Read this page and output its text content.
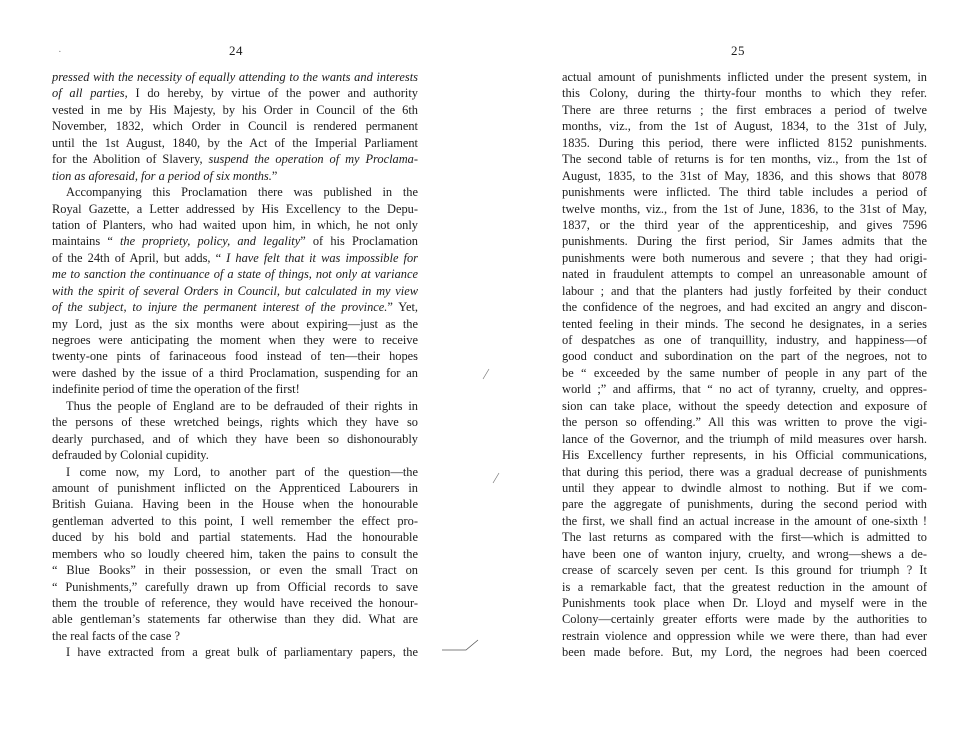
·	24

pressed with the necessity of equally attending to the wants and interests
of all parties, I do hereby, by virtue of the power and authority
vested in me by His Majesty, by his Order in Council of the 6th
November, 1832, which Order in Council is rendered permanent
until the 1st August, 1840, by the Act of the Imperial Parliament
for the Abolition of Slavery, suspend the operation of my Proclama-
tion as aforesaid, for a period of six months.”
Accompanying this Proclamation there was published in the
Royal Gazette, a Letter addressed by His Excellency to the Depu-
tation of Planters, who had waited upon him, in which, he not only
maintains “ the propriety, policy, and legality” of his Proclamation
of the 24th of April, but adds, “ I have felt that it was impossible for
me to sanction the continuance of a state of things, not only at variance
with the spirit of several Orders in Council, but calculated in my view
of the subject, to injure the permanent interest of the province.” Yet,
my Lord, just as the six months were about expiring—just as the
negroes were anticipating the moment when they were to receive
twenty-one pints of farinaceous food instead of ten—their hopes
were dashed by the issue of a third Proclamation, suspending for an
indefinite period of time the operation of the first!
Thus the people of England are to be defrauded of their rights in
the persons of these wretched beings, rights which they have so
dearly purchased, and of which they have been so dishonourably
defrauded by Colonial cupidity.
I come now, my Lord, to another part of the question—the
amount of punishment inflicted on the Apprenticed Labourers in
British Guiana. Having been in the House when the honourable
gentleman adverted to this point, I well remember the effect pro-
duced by his bold and partial statements. Had the honourable
members who so loudly cheered him, taken the pains to consult the
“ Blue Books” in their possession, or even the small Tract on
“ Punishments,” carefully drawn up from Official records to save
them the trouble of reference, they would have received the honour-
able gentleman’s statements far otherwise than they did. What are
the real facts of the case ?
I have extracted from a great bulk of parliamentary papers, the

25

actual amount of punishments inflicted under the present system, in
this Colony, during the thirty-four months to which they refer.
There are three returns ; the first embraces a period of twelve
months, viz., from the 1st of August, 1834, to the 31st of July,
1835. During this period, there were inflicted 8152 punishments.
The second table of returns is for ten months, viz., from the 1st of
August, 1835, to the 31st of May, 1836, and this shows that 8078
punishments were inflicted. The third table includes a period of
twelve months, viz., from the 1st of June, 1836, to the 31st of May,
1837, or the third year of the apprenticeship, and gives 7596
punishments. During the first period, Sir James admits that the
punishments were both numerous and severe ; that they had origi-
nated in fraudulent attempts to compel an unreasonable amount of
labour ; and that the planters had justly forfeited by their conduct
the confidence of the negroes, and had excited an angry and discon-
tented feeling in their minds. The second he designates, in a series
of despatches as one of tranquillity, industry, and happiness—of
good conduct and subordination on the part of the negroes, not to
be “ exceeded by the same number of people in any part of the
world ;” and affirms, that “ no act of tyranny, cruelty, and oppres-
sion can take place, without the speedy detection and exposure of
the person so offending.” All this was written to prove the vigi-
lance of the Governor, and the triumph of mild measures over harsh.
His Excellency further represents, in his Official communications,
that during this period, there was a gradual decrease of punishments
until they appear to dwindle almost to nothing. But if we com-
pare the aggregate of punishments, during the second period with
the first, we shall find an actual increase in the amount of one-sixth !
The last returns as compared with the first—which is admitted to
have been one of wanton injury, cruelty, and wrong—shews a de-
crease of scarcely seven per cent. Is this ground for triumph ? It
is a remarkable fact, that the greatest reduction in the amount of
Punishments took place when Dr. Lloyd and myself were in the
Colony—certainly greater efforts were made by the authorities to
restrain violence and oppression while we were there, than had ever
been made before. But, my Lord, the negroes had been coerced
